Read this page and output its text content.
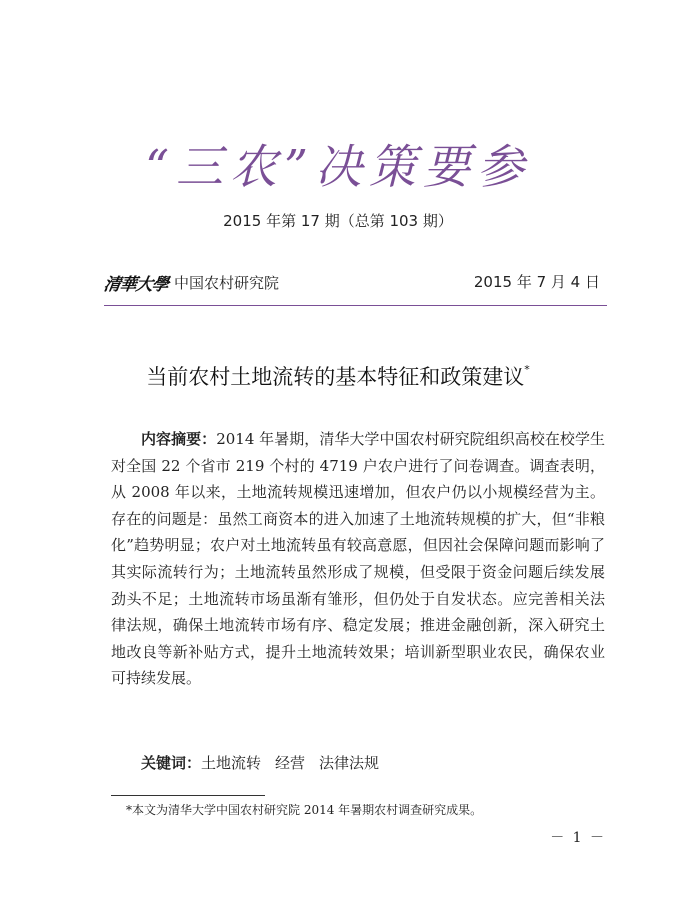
“三农”决策要参
2015 年第 17 期（总第 103 期）
清華大學 中国农村研究院	2015 年 7 月 4 日
当前农村土地流转的基本特征和政策建议*
内容摘要：2014 年暑期，清华大学中国农村研究院组织高校在校学生对全国 22 个省市 219 个村的 4719 户农户进行了问卷调查。调查表明，从 2008 年以来，土地流转规模迅速增加，但农户仍以小规模经营为主。存在的问题是：虽然工商资本的进入加速了土地流转规模的扩大，但“非粮化”趋势明显；农户对土地流转虽有较高意愿，但因社会保障问题而影响了其实际流转行为；土地流转虽然形成了规模，但受限于资金问题后续发展劲头不足；土地流转市场虽渐有雏形，但仍处于自发状态。应完善相关法律法规，确保土地流转市场有序、稳定发展；推进金融创新，深入研究土地改良等新补贴方式，提升土地流转效果；培训新型职业农民，确保农业可持续发展。
关键词：土地流转 经营 法律法规
*本文为清华大学中国农村研究院 2014 年暑期农村调查研究成果。
－ 1 －
